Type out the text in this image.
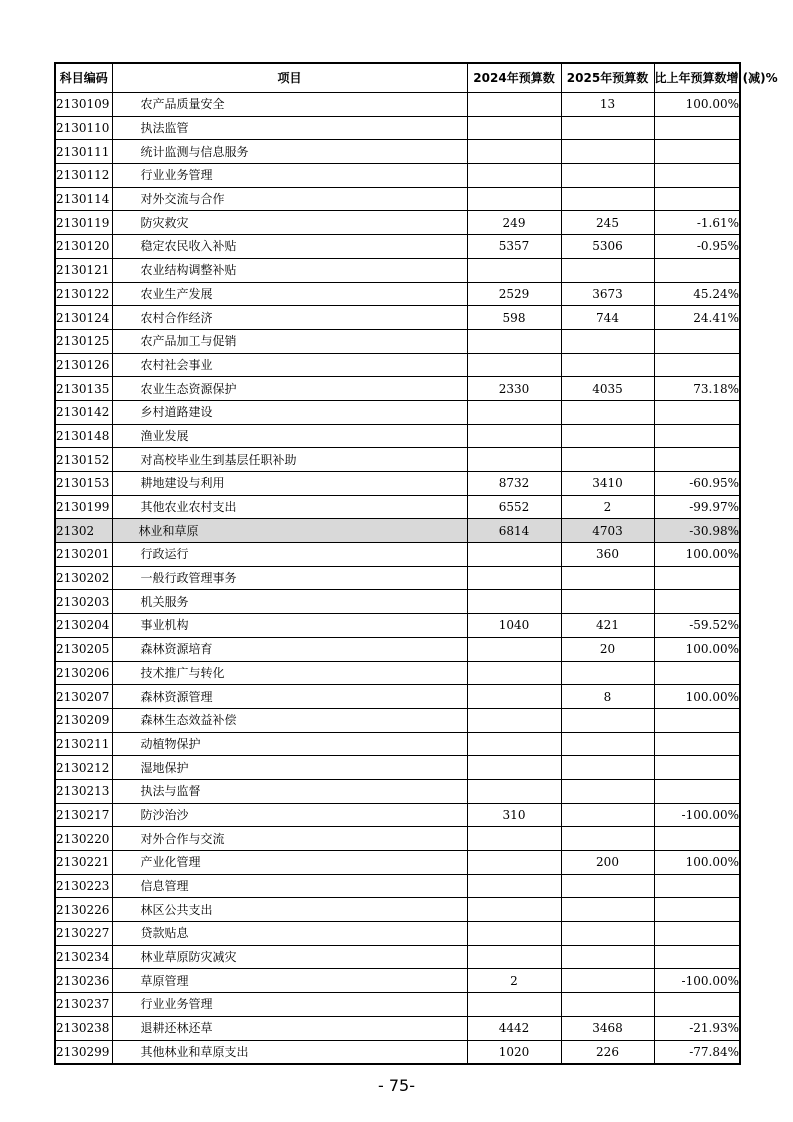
科目编码	项目	2024年预算数	2025年预算数	比上年预算数增 (减)%
2130109	农产品质量安全		13	100.00%
2130110	执法监管			
2130111	统计监测与信息服务			
2130112	行业业务管理			
2130114	对外交流与合作			
2130119	防灾救灾	249	245	-1.61%
2130120	稳定农民收入补贴	5357	5306	-0.95%
2130121	农业结构调整补贴			
2130122	农业生产发展	2529	3673	45.24%
2130124	农村合作经济	598	744	24.41%
2130125	农产品加工与促销			
2130126	农村社会事业			
2130135	农业生态资源保护	2330	4035	73.18%
2130142	乡村道路建设			
2130148	渔业发展			
2130152	对高校毕业生到基层任职补助			
2130153	耕地建设与利用	8732	3410	-60.95%
2130199	其他农业农村支出	6552	2	-99.97%
21302	林业和草原	6814	4703	-30.98%
2130201	行政运行		360	100.00%
2130202	一般行政管理事务			
2130203	机关服务			
2130204	事业机构	1040	421	-59.52%
2130205	森林资源培育		20	100.00%
2130206	技术推广与转化			
2130207	森林资源管理		8	100.00%
2130209	森林生态效益补偿			
2130211	动植物保护			
2130212	湿地保护			
2130213	执法与监督			
2130217	防沙治沙	310		-100.00%
2130220	对外合作与交流			
2130221	产业化管理		200	100.00%
2130223	信息管理			
2130226	林区公共支出			
2130227	贷款贴息			
2130234	林业草原防灾减灾			
2130236	草原管理	2		-100.00%
2130237	行业业务管理			
2130238	退耕还林还草	4442	3468	-21.93%
2130299	其他林业和草原支出	1020	226	-77.84%
- 75-
